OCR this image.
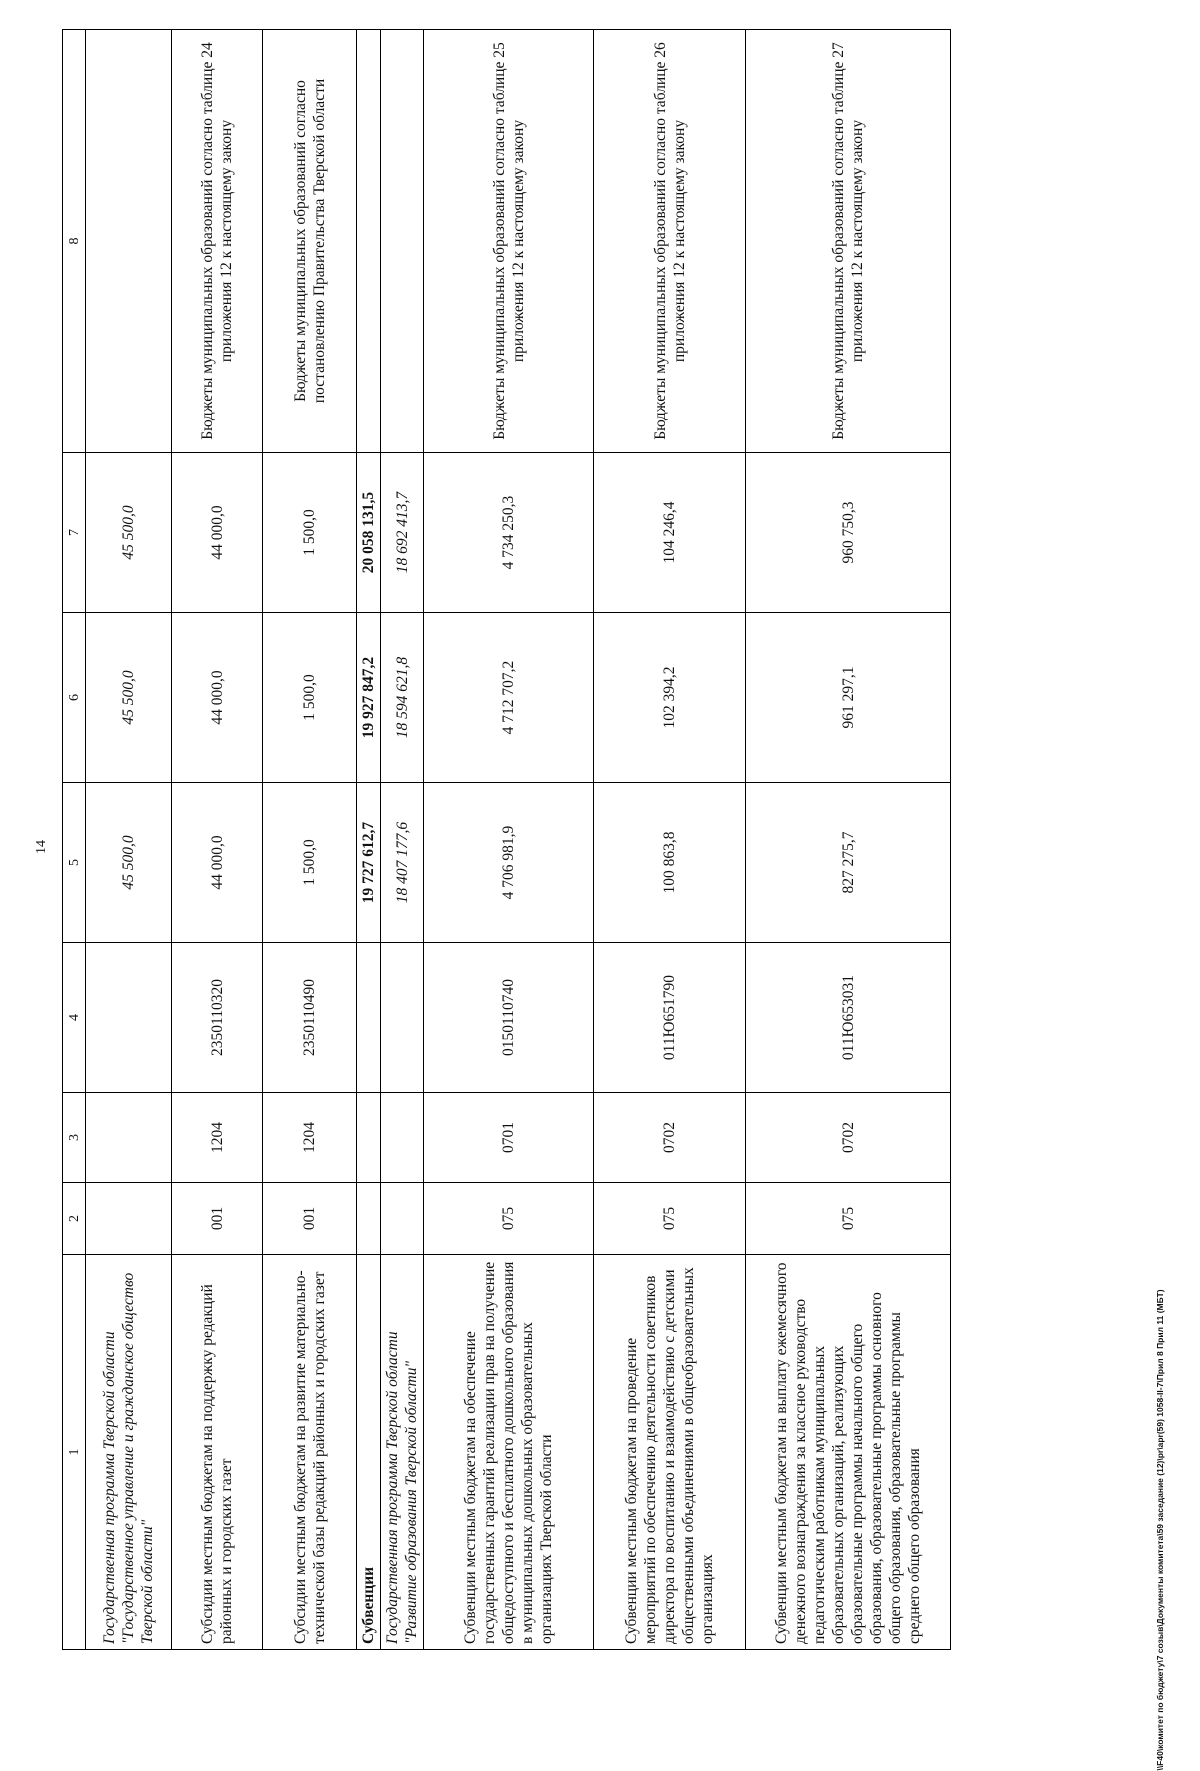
14
\\F40\комитет по бюджету\7 созыв\Документы комитета\59 заседание (12)\pr\apr(59) 1058-II-7\Прил 8 Прил 11 (МБТ)
1	2	3	4	5	6	7	8
Государственная программа Тверской области "Государственное управление и гражданское общество Тверской области"				45 500,0	45 500,0	45 500,0	
Субсидии местным бюджетам на поддержку редакций районных и городских газет	001	1204	2350110320	44 000,0	44 000,0	44 000,0	Бюджеты муниципальных образований согласно таблице 24 приложения 12 к настоящему закону
Субсидии местным бюджетам на развитие материально-технической базы редакций районных и городских газет	001	1204	2350110490	1 500,0	1 500,0	1 500,0	Бюджеты муниципальных образований согласно постановлению Правительства Тверской области
Субвенции				19 727 612,7	19 927 847,2	20 058 131,5	
Государственная программа Тверской области "Развитие образования Тверской области"				18 407 177,6	18 594 621,8	18 692 413,7	
Субвенции местным бюджетам на обеспечение государственных гарантий реализации прав на получение общедоступного и бесплатного дошкольного образования в муниципальных дошкольных образовательных организациях Тверской области	075	0701	0150110740	4 706 981,9	4 712 707,2	4 734 250,3	Бюджеты муниципальных образований согласно таблице 25 приложения 12 к настоящему закону
Субвенции местным бюджетам на проведение мероприятий по обеспечению деятельности советников директора по воспитанию и взаимодействию с детскими общественными объединениями в общеобразовательных организациях	075	0702	011Ю651790	100 863,8	102 394,2	104 246,4	Бюджеты муниципальных образований согласно таблице 26 приложения 12 к настоящему закону
Субвенции местным бюджетам на выплату ежемесячного денежного вознаграждения за классное руководство педагогическим работникам муниципальных образовательных организаций, реализующих образовательные программы начального общего образования, образовательные программы основного общего образования, образовательные программы среднего общего образования	075	0702	011Ю653031	827 275,7	961 297,1	960 750,3	Бюджеты муниципальных образований согласно таблице 27 приложения 12 к настоящему закону
